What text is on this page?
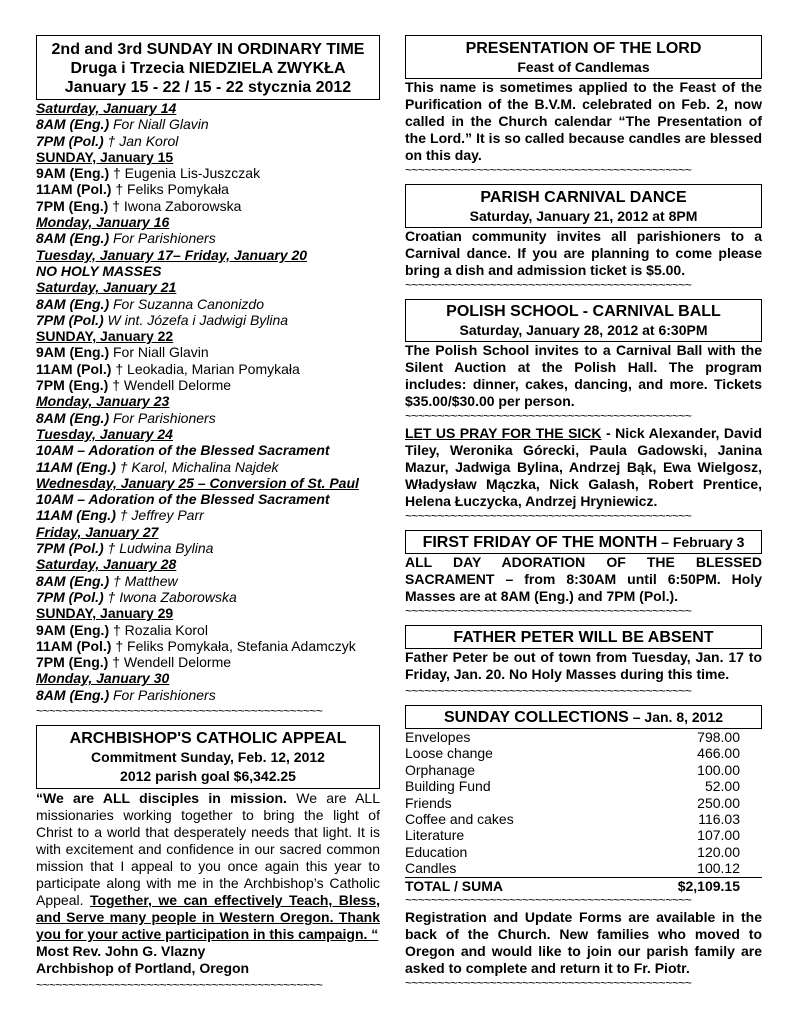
2nd and 3rd SUNDAY IN ORDINARY TIME
Druga i Trzecia NIEDZIELA ZWYKŁA
January 15 - 22 / 15 - 22 stycznia 2012
Saturday, January 14
8AM (Eng.) For Niall Glavin
7PM (Pol.) † Jan Korol
SUNDAY, January 15
9AM (Eng.) † Eugenia Lis-Juszczak
11AM (Pol.) † Feliks Pomykała
7PM (Eng.) † Iwona Zaborowska
Monday, January 16
8AM (Eng.) For Parishioners
Tuesday, January 17– Friday, January 20
NO HOLY MASSES
Saturday, January 21
8AM (Eng.) For Suzanna Canonizdo
7PM (Pol.) W int. Józefa i Jadwigi Bylina
SUNDAY, January 22
9AM (Eng.) For Niall Glavin
11AM (Pol.) † Leokadia, Marian Pomykała
7PM (Eng.) † Wendell Delorme
Monday, January 23
8AM (Eng.) For Parishioners
Tuesday, January 24
10AM – Adoration of the Blessed Sacrament
11AM (Eng.) † Karol, Michalina Najdek
Wednesday, January 25 – Conversion of St. Paul
10AM – Adoration of the Blessed Sacrament
11AM (Eng.) † Jeffrey Parr
Friday, January 27
7PM (Pol.) † Ludwina Bylina
Saturday, January 28
8AM (Eng.) † Matthew
7PM (Pol.) † Iwona Zaborowska
SUNDAY, January 29
9AM (Eng.) † Rozalia Korol
11AM (Pol.) † Feliks Pomykała, Stefania Adamczyk
7PM (Eng.) † Wendell Delorme
Monday, January 30
8AM (Eng.) For Parishioners
~~~~~~~~~~~~~~~~~~~~~~~~~~~~~~~~~~~~~~~~~~~~
ARCHBISHOP'S CATHOLIC APPEAL
Commitment Sunday, Feb. 12, 2012
2012 parish goal $6,342.25
“We are ALL disciples in mission. We are ALL missionaries working together to bring the light of Christ to a world that desperately needs that light. It is with excitement and confidence in our sacred common mission that I appeal to you once again this year to participate along with me in the Archbishop’s Catholic Appeal. Together, we can effectively Teach, Bless, and Serve many people in Western Oregon. Thank you for your active participation in this campaign. “
Most Rev. John G. Vlazny
Archbishop of Portland, Oregon
~~~~~~~~~~~~~~~~~~~~~~~~~~~~~~~~~~~~~~~~~~~~
PRESENTATION OF THE LORD
Feast of Candlemas
This name is sometimes applied to the Feast of the Purification of the B.V.M. celebrated on Feb. 2, now called in the Church calendar “The Presentation of the Lord.” It is so called because candles are blessed on this day.
~~~~~~~~~~~~~~~~~~~~~~~~~~~~~~~~~~~~~~~~~~~~
PARISH CARNIVAL DANCE
Saturday, January 21, 2012 at 8PM
Croatian community invites all parishioners to a Carnival dance. If you are planning to come please bring a dish and admission ticket is $5.00.
~~~~~~~~~~~~~~~~~~~~~~~~~~~~~~~~~~~~~~~~~~~~
POLISH SCHOOL - CARNIVAL BALL
Saturday, January 28, 2012 at 6:30PM
The Polish School invites to a Carnival Ball with the Silent Auction at the Polish Hall. The program includes: dinner, cakes, dancing, and more. Tickets $35.00/$30.00 per person.
~~~~~~~~~~~~~~~~~~~~~~~~~~~~~~~~~~~~~~~~~~~~
LET US PRAY FOR THE SICK - Nick Alexander, David Tiley, Weronika Górecki, Paula Gadowski, Janina Mazur, Jadwiga Bylina, Andrzej Bąk, Ewa Wielgosz, Władysław Mączka, Nick Galash, Robert Prentice, Helena Łuczycka, Andrzej Hryniewicz.
~~~~~~~~~~~~~~~~~~~~~~~~~~~~~~~~~~~~~~~~~~~~
FIRST FRIDAY OF THE MONTH – February 3
ALL DAY ADORATION OF THE BLESSED SACRAMENT – from 8:30AM until 6:50PM. Holy Masses are at 8AM (Eng.) and 7PM (Pol.).
~~~~~~~~~~~~~~~~~~~~~~~~~~~~~~~~~~~~~~~~~~~~
FATHER PETER WILL BE ABSENT
Father Peter be out of town from Tuesday, Jan. 17 to Friday, Jan. 20. No Holy Masses during this time.
~~~~~~~~~~~~~~~~~~~~~~~~~~~~~~~~~~~~~~~~~~~~
SUNDAY COLLECTIONS – Jan. 8, 2012
Envelopes	798.00
Loose change	466.00
Orphanage	100.00
Building Fund	52.00
Friends	250.00
Coffee and cakes	116.03
Literature	107.00
Education	120.00
Candles	100.12
TOTAL / SUMA	$2,109.15
~~~~~~~~~~~~~~~~~~~~~~~~~~~~~~~~~~~~~~~~~~~~
Registration and Update Forms are available in the back of the Church. New families who moved to Oregon and would like to join our parish family are asked to complete and return it to Fr. Piotr.
~~~~~~~~~~~~~~~~~~~~~~~~~~~~~~~~~~~~~~~~~~~~
